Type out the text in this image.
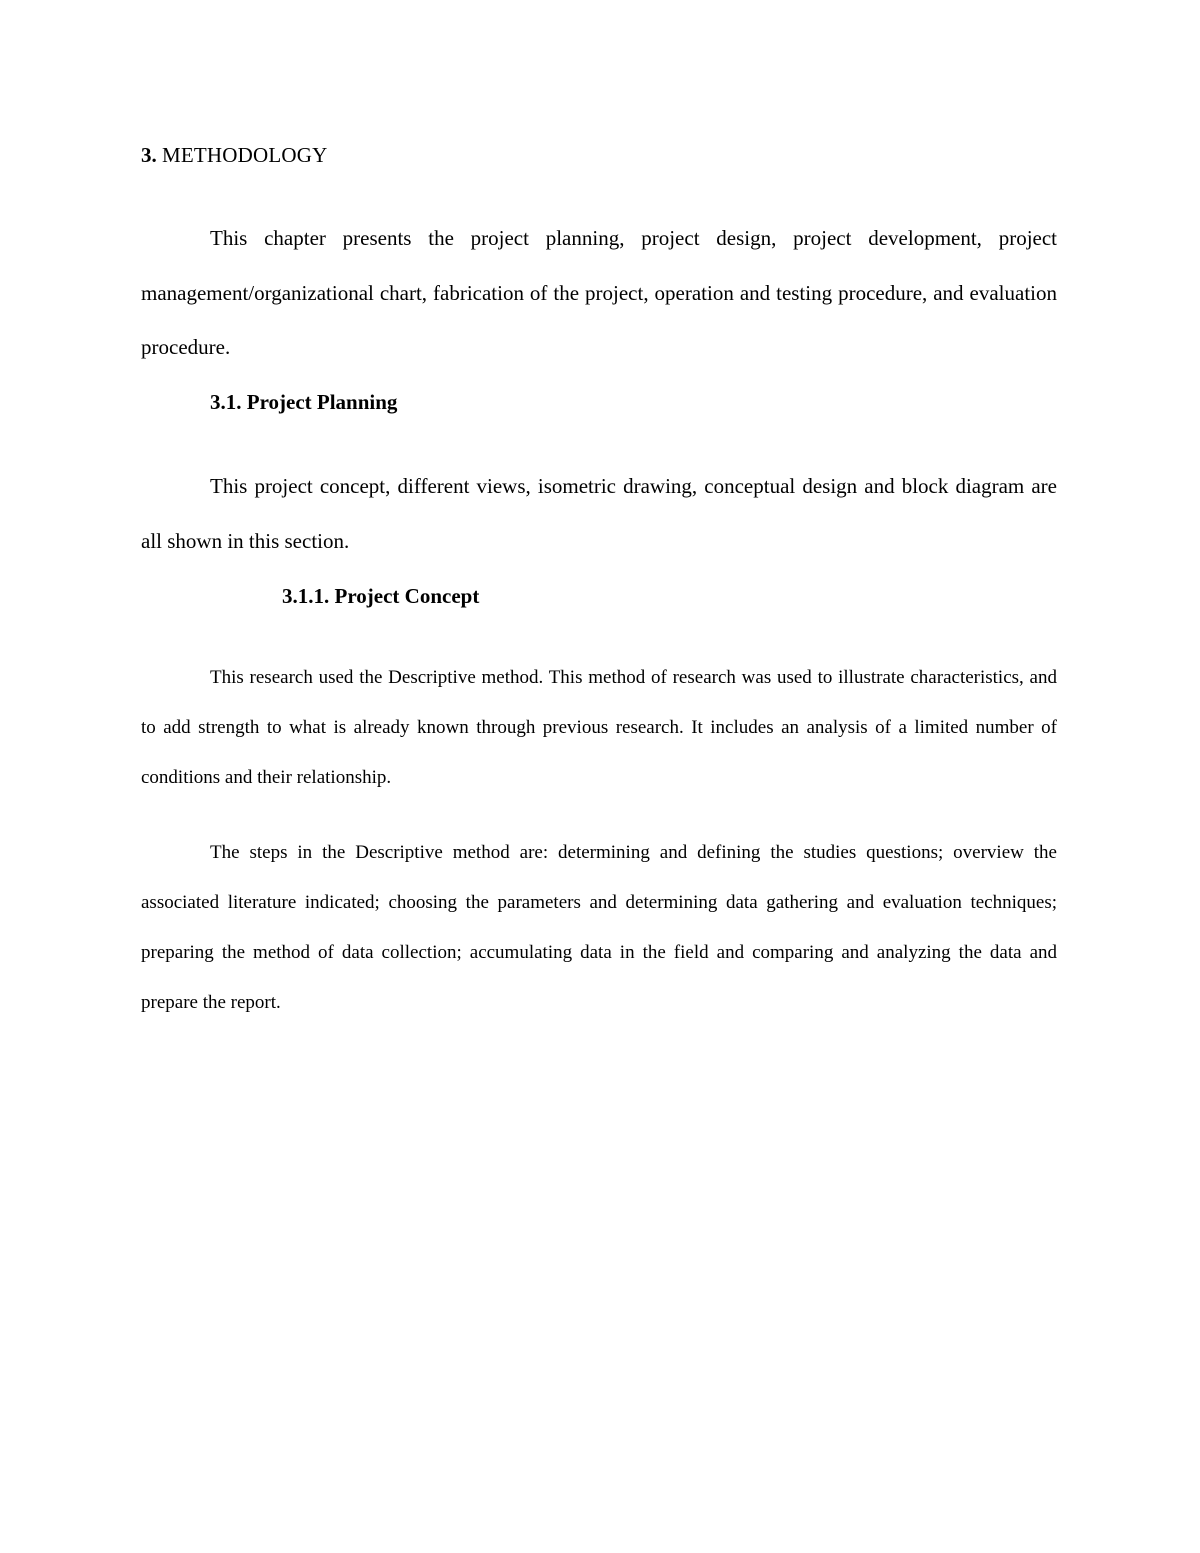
3. METHODOLOGY

This chapter presents the project planning, project design, project development, project management/organizational chart, fabrication of the project, operation and testing procedure, and evaluation procedure.

3.1. Project Planning

This project concept, different views, isometric drawing, conceptual design and block diagram are all shown in this section.

3.1.1. Project Concept

This research used the Descriptive method. This method of research was used to illustrate characteristics, and to add strength to what is already known through previous research. It includes an analysis of a limited number of conditions and their relationship.

The steps in the Descriptive method are: determining and defining the studies questions; overview the associated literature indicated; choosing the parameters and determining data gathering and evaluation techniques; preparing the method of data collection; accumulating data in the field and comparing and analyzing the data and prepare the report.
